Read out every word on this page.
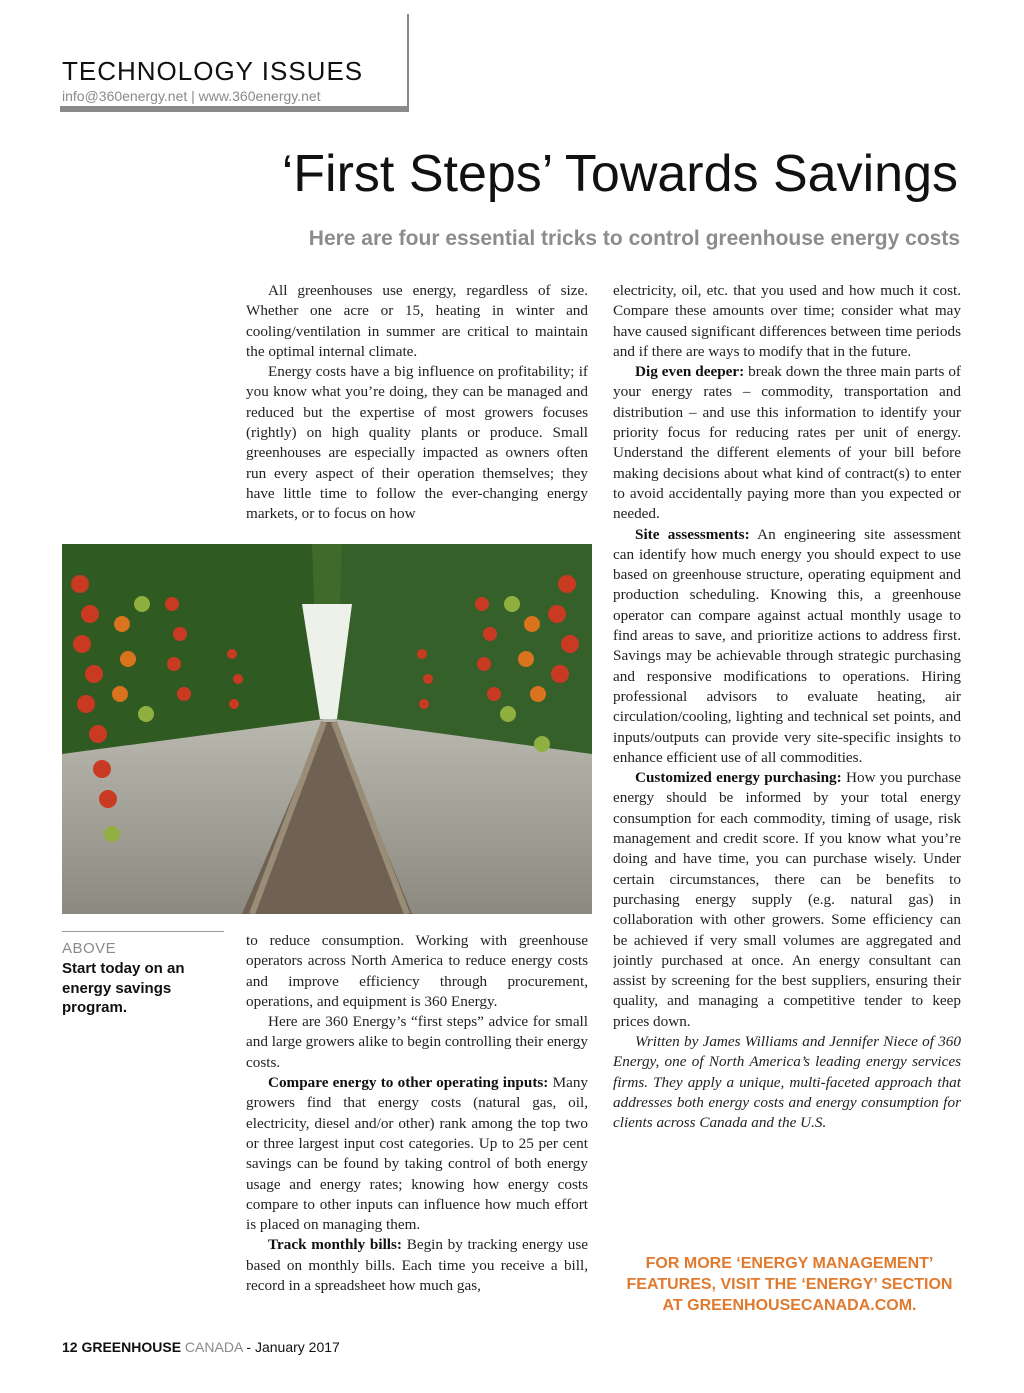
TECHNOLOGY ISSUES
info@360energy.net | www.360energy.net
‘First Steps’ Towards Savings
Here are four essential tricks to control greenhouse energy costs

All greenhouses use energy, regardless of size. Whether one acre or 15, heating in winter and cooling/ventilation in summer are critical to maintain the optimal internal climate.

Energy costs have a big influence on profitability; if you know what you’re doing, they can be managed and reduced but the expertise of most growers focuses (rightly) on high quality plants or produce. Small greenhouses are especially impacted as owners often run every aspect of their operation themselves; they have little time to follow the ever-changing energy markets, or to focus on how

ABOVE
Start today on an energy savings program.

to reduce consumption. Working with greenhouse operators across North America to reduce energy costs and improve efficiency through procurement, operations, and equipment is 360 Energy.

Here are 360 Energy’s “first steps” advice for small and large growers alike to begin controlling their energy costs.

Compare energy to other operating inputs: Many growers find that energy costs (natural gas, oil, electricity, diesel and/or other) rank among the top two or three largest input cost categories. Up to 25 per cent savings can be found by taking control of both energy usage and energy rates; knowing how energy costs compare to other inputs can influence how much effort is placed on managing them.

Track monthly bills: Begin by tracking energy use based on monthly bills. Each time you receive a bill, record in a spreadsheet how much gas,

electricity, oil, etc. that you used and how much it cost. Compare these amounts over time; consider what may have caused significant differences between time periods and if there are ways to modify that in the future.

Dig even deeper: break down the three main parts of your energy rates – commodity, transportation and distribution – and use this information to identify your priority focus for reducing rates per unit of energy. Understand the different elements of your bill before making decisions about what kind of contract(s) to enter to avoid accidentally paying more than you expected or needed.

Site assessments: An engineering site assessment can identify how much energy you should expect to use based on greenhouse structure, operating equipment and production scheduling. Knowing this, a greenhouse operator can compare against actual monthly usage to find areas to save, and prioritize actions to address first. Savings may be achievable through strategic purchasing and responsive modifications to operations. Hiring professional advisors to evaluate heating, air circulation/cooling, lighting and technical set points, and inputs/outputs can provide very site-specific insights to enhance efficient use of all commodities.

Customized energy purchasing: How you purchase energy should be informed by your total energy consumption for each commodity, timing of usage, risk management and credit score. If you know what you’re doing and have time, you can purchase wisely. Under certain circumstances, there can be benefits to purchasing energy supply (e.g. natural gas) in collaboration with other growers. Some efficiency can be achieved if very small volumes are aggregated and jointly purchased at once. An energy consultant can assist by screening for the best suppliers, ensuring their quality, and managing a competitive tender to keep prices down.

Written by James Williams and Jennifer Niece of 360 Energy, one of North America’s leading energy services firms. They apply a unique, multi-faceted approach that addresses both energy costs and energy consumption for clients across Canada and the U.S.

FOR MORE ‘ENERGY MANAGEMENT’ FEATURES, VISIT THE ‘ENERGY’ SECTION AT GREENHOUSECANADA.COM.
12 GREENHOUSE CANADA - January 2017
